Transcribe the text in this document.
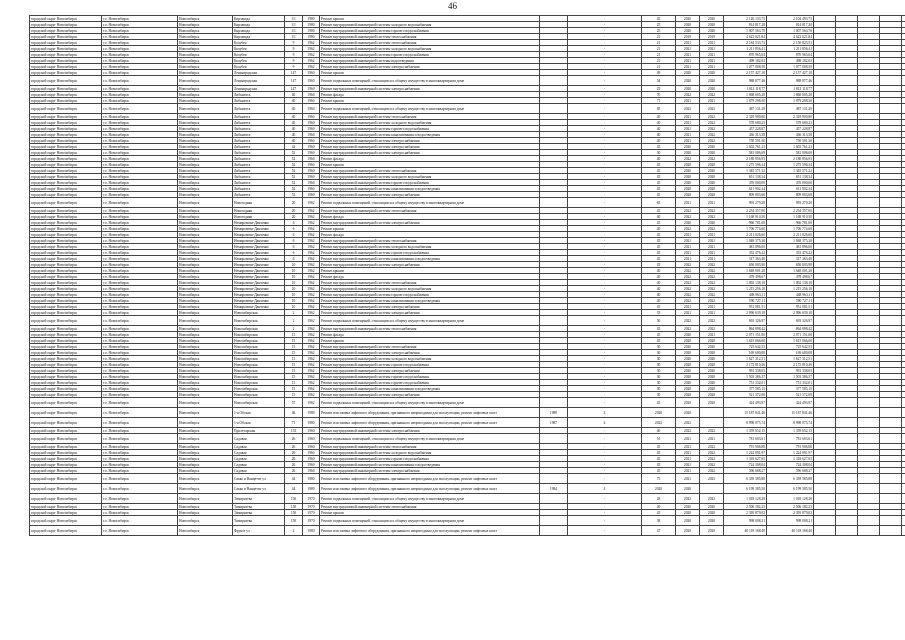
46
городской округ Новосибирск	г.о. Новосибирск	Новосибирск	Кирзавода	1/1	1980	Ремонт крыши		-	45	2020	2020	2 120 133,75	2 104 493,75						
городской округ Новосибирск	г.о. Новосибирск	Новосибирск	Кирзавода	1/1	1980	Ремонт внутридомовой инженерной системы холодного водоснабжения		-	25	2020	2020	814 817,20	814 817,20						
городской округ Новосибирск	г.о. Новосибирск	Новосибирск	Кирзавода	1/1	1980	Ремонт внутридомовой инженерной системы горячего водоснабжения		-	25	2020	2020	1 007 563,70	1 007 563,70						
городской округ Новосибирск	г.о. Новосибирск	Новосибирск	Кирзавода	1/1	1980	Ремонт внутридомовой инженерной системы теплоснабжения		-	21	2019	2019	4 623 021,84	4 623 021,84						
городской округ Новосибирск	г.о. Новосибирск	Новосибирск	Кочубея	9	1962	Ремонт внутридомовой инженерной системы теплоснабжения		-	21	2021	2021	2 184 533,73	2 150 823,53						
городской округ Новосибирск	г.о. Новосибирск	Новосибирск	Кочубея	9	1962	Ремонт внутридомовой инженерной системы холодного водоснабжения		-	21	2021	2021	1 211 856,41	1 211 856,41						
городской округ Новосибирск	г.о. Новосибирск	Новосибирск	Кочубея	9	1962	Ремонт внутридомовой инженерной системы горячего водоснабжения		-	21	2021	2021	870 965,04	870 965,04						
городской округ Новосибирск	г.о. Новосибирск	Новосибирск	Кочубея	9	1962	Ремонт внутридомовой инженерной системы водоотведения		-	21	2021	2021	498 182,03	498 182,03						
городской округ Новосибирск	г.о. Новосибирск	Новосибирск	Кочубея	9	1962	Ремонт внутридомовой инженерной системы электроснабжения		-	21	2021	2021	1 077 008,50	1 077 008,50						
городской округ Новосибирск	г.о. Новосибирск	Новосибирск	Ленинградская	147	1960	Ремонт крыши		-	49	2020	2020	2 157 427,10	2 157 427,10						
городской округ Новосибирск	г.о. Новосибирск	Новосибирск	Ленинградская	147	1960	Ремонт подвальных помещений, относящихся к общему имуществу в многоквартирном доме		-	54	2020	2020	988 877,46	988 877,46						
городской округ Новосибирск	г.о. Новосибирск	Новосибирск	Ленинградская	147	1960	Ремонт внутридомовой инженерной системы электроснабжения		-	25	2020	2020	1 813 118,77	1 813 118,77						
городской округ Новосибирск	г.о. Новосибирск	Новосибирск	Либкнехта	40	1960	Ремонт фасада		-	70	2022	2022	1 868 605,20	1 868 605,20						
городской округ Новосибирск	г.о. Новосибирск	Новосибирск	Либкнехта	40	1960	Ремонт крыши		-	71	2021	2021	1 879 298,50	1 879 298,50						
городской округ Новосибирск	г.о. Новосибирск	Новосибирск	Либкнехта	40	1960	Ремонт подвальных помещений, относящихся к общему имуществу в многоквартирном доме		-	85	2023	2023	487 131,29	487 131,29						
городской округ Новосибирск	г.о. Новосибирск	Новосибирск	Либкнехта	40	1960	Ремонт внутридомовой инженерной системы теплоснабжения		-	40	2021	2022	2 318 900,80	2 318 900,80						
городской округ Новосибирск	г.о. Новосибирск	Новосибирск	Либкнехта	40	1960	Ремонт внутридомовой инженерной системы холодного водоснабжения		-	40	2021	2022	578 680,23	578 680,23						
городской округ Новосибирск	г.о. Новосибирск	Новосибирск	Либкнехта	40	1960	Ремонт внутридомовой инженерной системы горячего водоснабжения		-	40	2021	2022	457 228,87	457 228,87						
городской округ Новосибирск	г.о. Новосибирск	Новосибирск	Либкнехта	40	1960	Ремонт внутридомовой инженерной системы канализования и водоотведения		-	40	2021	2022	436 313,58	436 313,58						
городской округ Новосибирск	г.о. Новосибирск	Новосибирск	Либкнехта	40	1960	Ремонт внутридомовой инженерной системы электроснабжения		-	40	2021	2022	750 591,50	750 591,50						
городской округ Новосибирск	г.о. Новосибирск	Новосибирск	Либкнехта	42	1960	Ремонт внутридомовой инженерной системы электроснабжения		-	45	2020	2020	1 602 761,23	1 602 761,23						
городской округ Новосибирск	г.о. Новосибирск	Новосибирск	Либкнехта	52	1960	Ремонт внутридомовой инженерной системы электроснабжения		-	50	2020	2020	581 006,69	581 006,69						
городской округ Новосибирск	г.о. Новосибирск	Новосибирск	Либкнехта	52	1960	Ремонт фасада		-	40	2022	2022	2 180 856,93	2 180 856,93						
городской округ Новосибирск	г.о. Новосибирск	Новосибирск	Либкнехта	52	1960	Ремонт крыши		-	45	2020	2020	1 275 596,34	1 275 596,34						
городской округ Новосибирск	г.о. Новосибирск	Новосибирск	Либкнехта	52	1960	Ремонт внутридомовой инженерной системы теплоснабжения		-	45	2020	2020	1 345 571,22	1 345 571,22						
городской округ Новосибирск	г.о. Новосибирск	Новосибирск	Либкнехта	52	1960	Ремонт внутридомовой инженерной системы холодного водоснабжения		-	45	2020	2020	651 138,34	651 138,34						
городской округ Новосибирск	г.о. Новосибирск	Новосибирск	Либкнехта	52	1960	Ремонт внутридомовой инженерной системы горячего водоснабжения		-	45	2020	2020	476 000,00	476 000,00						
городской округ Новосибирск	г.о. Новосибирск	Новосибирск	Либкнехта	52	1960	Ремонт внутридомовой инженерной системы канализования и водоотведения		-	45	2020	2020	611 902,34	611 902,34						
городской округ Новосибирск	г.о. Новосибирск	Новосибирск	Либкнехта	52	1960	Ремонт внутридомовой инженерной системы электроснабжения		-	45	2020	2020	809 803,68	809 803,68						
городской округ Новосибирск	г.о. Новосибирск	Новосибирск	Новогодняя	20	1962	Ремонт подвальных помещений, относящихся к общему имуществу в многоквартирном доме		-	65	2021	2021	993 279,20	993 279,20						
городской округ Новосибирск	г.о. Новосибирск	Новосибирск	Новогодняя	20	1962	Ремонт внутридомовой инженерной системы теплоснабжения		-	45	2022	2022	2 234 357,00	2 234 357,00						
городской округ Новосибирск	г.о. Новосибирск	Новосибирск	Новогодняя	20	1962	Ремонт фасада		-	40	2022	2022	1 168 910,50	1 168 910,50						
городской округ Новосибирск	г.о. Новосибирск	Новосибирск	Немировича-Данченко	6	1962	Ремонт внутридомовой инженерной системы электроснабжения		-	45	2020	2020	966 781,00	966 781,00						
городской округ Новосибирск	г.о. Новосибирск	Новосибирск	Немировича-Данченко	6	1962	Ремонт крыши		-	40	2022	2022	1 706 774,60	1 706 774,60						
городской округ Новосибирск	г.о. Новосибирск	Новосибирск	Немировича-Данченко	6	1962	Ремонт фасада		-	45	2021	2021	2 211 026,60	2 211 026,60						
городской округ Новосибирск	г.о. Новосибирск	Новосибирск	Немировича-Данченко	6	1962	Ремонт внутридомовой инженерной системы теплоснабжения		-	45	2021	2021	1 048 375,30	1 048 375,30						
городской округ Новосибирск	г.о. Новосибирск	Новосибирск	Немировича-Данченко	6	1962	Ремонт внутридомовой инженерной системы холодного водоснабжения		-	45	2021	2021	481 896,00	481 896,00						
городской округ Новосибирск	г.о. Новосибирск	Новосибирск	Немировича-Данченко	6	1962	Ремонт внутридомовой инженерной системы горячего водоснабжения		-	45	2021	2021	353 476,22	353 476,22						
городской округ Новосибирск	г.о. Новосибирск	Новосибирск	Немировича-Данченко	6	1962	Ремонт внутридомовой инженерной системы канализования и водоотведения		-	45	2021	2021	317 363,40	317 363,40						
городской округ Новосибирск	г.о. Новосибирск	Новосибирск	Немировича-Данченко	10	1962	Ремонт внутридомовой инженерной системы электроснабжения		-	45	2022	2022	656 003,90	656 003,90						
городской округ Новосибирск	г.о. Новосибирск	Новосибирск	Немировича-Данченко	10	1962	Ремонт крыши		-	40	2022	2022	1 648 001,20	1 648 001,20						
городской округ Новосибирск	г.о. Новосибирск	Новосибирск	Немировича-Данченко	10	1962	Ремонт фасада		-	40	2022	2022	478 498,67	478 498,67						
городской округ Новосибирск	г.о. Новосибирск	Новосибирск	Немировича-Данченко	10	1962	Ремонт внутридомовой инженерной системы теплоснабжения		-	40	2022	2022	1 092 138,10	1 092 138,10						
городской округ Новосибирск	г.о. Новосибирск	Новосибирск	Немировича-Данченко	10	1962	Ремонт внутридомовой инженерной системы холодного водоснабжения		-	40	2022	2022	1 215 256,10	1 215 256,10						
городской округ Новосибирск	г.о. Новосибирск	Новосибирск	Немировича-Данченко	10	1962	Ремонт внутридомовой инженерной системы горячего водоснабжения		-	40	2022	2022	448 963,11	448 963,11						
городской округ Новосибирск	г.о. Новосибирск	Новосибирск	Немировича-Данченко	10	1962	Ремонт внутридомовой инженерной системы канализования и водоотведения		-	40	2022	2022	590 727,11	590 727,11						
городской округ Новосибирск	г.о. Новосибирск	Новосибирск	Немировича-Данченко	10	1962	Ремонт внутридомовой инженерной системы электроснабжения		-	45	2021	2021	951 081,51	951 081,51						
городской округ Новосибирск	г.о. Новосибирск	Новосибирск	Новосибирская	2	1962	Ремонт внутридомовой инженерной системы электроснабжения		-	35	2021	2021	2 096 639,10	2 096 639,10						
городской округ Новосибирск	г.о. Новосибирск	Новосибирск	Новосибирская	2	1962	Ремонт подвальных помещений, относящихся к общему имуществу в многоквартирном доме		-	50	2022	2022	693 326,97	693 326,97						
городской округ Новосибирск	г.о. Новосибирск	Новосибирск	Новосибирская	2	1962	Ремонт внутридомовой инженерной системы теплоснабжения		-	45	2022	2022	864 898,42	864 898,42						
городской округ Новосибирск	г.о. Новосибирск	Новосибирск	Новосибирская	15	1962	Ремонт фасада		-	45	2020	2021	2 071 151,00	2 071 151,00						
городской округ Новосибирск	г.о. Новосибирск	Новосибирск	Новосибирская	15	1962	Ремонт крыши		-	45	2020	2020	1 615 066,00	1 615 066,00						
городской округ Новосибирск	г.о. Новосибирск	Новосибирск	Новосибирская	15	1962	Ремонт внутридомовой инженерной системы теплоснабжения		-	30	2020	2020	725 642,53	725 642,53						
городской округ Новосибирск	г.о. Новосибирск	Новосибирск	Новосибирская	15	1962	Ремонт внутридомовой инженерной системы электроснабжения		-	30	2020	2020	169 600,08	169 600,08						
городской округ Новосибирск	г.о. Новосибирск	Новосибирск	Новосибирская	15	1962	Ремонт внутридомовой инженерной системы холодного водоснабжения		-	30	2020	2020	1 627 312,51	1 627 312,51						
городской округ Новосибирск	г.о. Новосибирск	Новосибирск	Новосибирская	15	1962	Ремонт внутридомовой инженерной системы горячего водоснабжения		-	30	2020	2020	2 175 810,36	2 175 810,36						
городской округ Новосибирск	г.о. Новосибирск	Новосибирск	Новосибирская	15	1962	Ремонт внутридомовой инженерной системы электроснабжения		-	30	2020	2020	991 338,05	991 338,05						
городской округ Новосибирск	г.о. Новосибирск	Новосибирск	Новосибирская	15	1962	Ремонт внутридомовой инженерной системы горячего водоснабжения		-	30	2020	2020	1 503 386,37	1 503 386,37						
городской округ Новосибирск	г.о. Новосибирск	Новосибирск	Новосибирская	15	1962	Ремонт внутридомовой инженерной системы горячего водоснабжения		-	30	2020	2020	751 332,01	751 332,01						
городской округ Новосибирск	г.о. Новосибирск	Новосибирск	Новосибирская	15	1962	Ремонт внутридомовой инженерной системы канализования и водоотведения		-	30	2020	2020	377 585,15	377 585,15						
городской округ Новосибирск	г.о. Новосибирск	Новосибирск	Новосибирская	15	1962	Ремонт внутридомовой инженерной системы электроснабжения		-	30	2020	2020	521 372,08	521 372,08						
городской округ Новосибирск	г.о. Новосибирск	Новосибирск	Новосибирская	57	1962	Ремонт подвальных помещений, относящихся к общему имуществу в многоквартирном доме		-	45	2020	2020	424 493,97	424 493,97						
городской округ Новосибирск	г.о. Новосибирск	Новосибирск	1-я Обская	46	1980	Ремонт или замена лифтового оборудования, признанного непригодным для эксплуатации, ремонт лифтовых шахт	1980	4	2020	2020		15 187 841,46	15 187 841,46						
городской округ Новосибирск	г.о. Новосибирск	Новосибирск	1-я Обская	71	1980	Ремонт или замена лифтового оборудования, признанного непригодным для эксплуатации, ремонт лифтовых шахт	1987	4	2022	2022		8 998 075,74	8 998 075,74						
городской округ Новосибирск	г.о. Новосибирск	Новосибирск	Пролетарская	153	1960	Ремонт внутридомовой инженерной системы электроснабжения		-	40	2022	2022	1 359 652,15	1 359 652,15						
городской округ Новосибирск	г.о. Новосибирск	Новосибирск	Садовая	26	1960	Ремонт подвальных помещений, относящихся к общему имуществу в многоквартирном доме		-	51	2021	2021	781 603,61	781 603,61						
городской округ Новосибирск	г.о. Новосибирск	Новосибирск	Садовая	26	1960	Ремонт внутридомовой инженерной системы теплоснабжения		-	45	2021	2022	791 906,88	791 906,88						
городской округ Новосибирск	г.о. Новосибирск	Новосибирск	Садовая	26	1960	Ремонт внутридомовой инженерной системы холодного водоснабжения		-	45	2021	2022	1 224 091,97	1 224 091,97						
городской округ Новосибирск	г.о. Новосибирск	Новосибирск	Садовая	26	1960	Ремонт внутридомовой инженерной системы горячего водоснабжения		-	45	2021	2022	1 318 627,65	1 318 627,65						
городской округ Новосибирск	г.о. Новосибирск	Новосибирск	Садовая	26	1960	Ремонт внутридомовой инженерной системы канализования и водоотведения		-	45	2021	2022	724 308,04	724 308,04						
городской округ Новосибирск	г.о. Новосибирск	Новосибирск	Садовая	26	1960	Ремонт внутридомовой инженерной системы электроснабжения		-	45	2021	2022	596 688,27	596 688,27						
городской округ Новосибирск	г.о. Новосибирск	Новосибирск	Сакко и Ванцетти ул	44	1980	Ремонт или замена лифтового оборудования, признанного непригодным для эксплуатации, ремонт лифтовых шахт		-	75	2021	2023	6 339 385,88	6 339 385,88						
городской округ Новосибирск	г.о. Новосибирск	Новосибирск	Сакко и Ванцетти ул	44	1980	Ремонт или замена лифтового оборудования, признанного непригодным для эксплуатации, ремонт лифтовых шахт	1984	4	2020	2020		6 199 385,50	6 199 385,50						
городской округ Новосибирск	г.о. Новосибирск	Новосибирск	Тимирязева	150	1970	Ремонт подвальных помещений, относящихся к общему имуществу в многоквартирном доме		-	28	2022	2022	1 018 128,28	1 018 128,28						
городской округ Новосибирск	г.о. Новосибирск	Новосибирск	Тимирязева	150	1970	Ремонт внутридомовой инженерной системы теплоснабжения		-	40	2020	2020	2 506 182,23	2 506 182,23						
городской округ Новосибирск	г.о. Новосибирск	Новосибирск	Тимирязева	150	1970	Ремонт крыши		-	45	2020	2020	2 395 879,02	2 395 879,02						
городской округ Новосибирск	г.о. Новосибирск	Новосибирск	Тимирязева	150	1970	Ремонт подвальных помещений, относящихся к общему имуществу в многоквартирном доме		-	38	2020	2020	998 008,21	998 008,21						
городской округ Новосибирск	г.о. Новосибирск	Новосибирск	Фрунзе ул	2	1980	Ремонт или замена лифтового оборудования, признанного непригодным для эксплуатации, ремонт лифтовых шахт		-	47	2020	2020	40 118 168,40	40 118 168,40						
